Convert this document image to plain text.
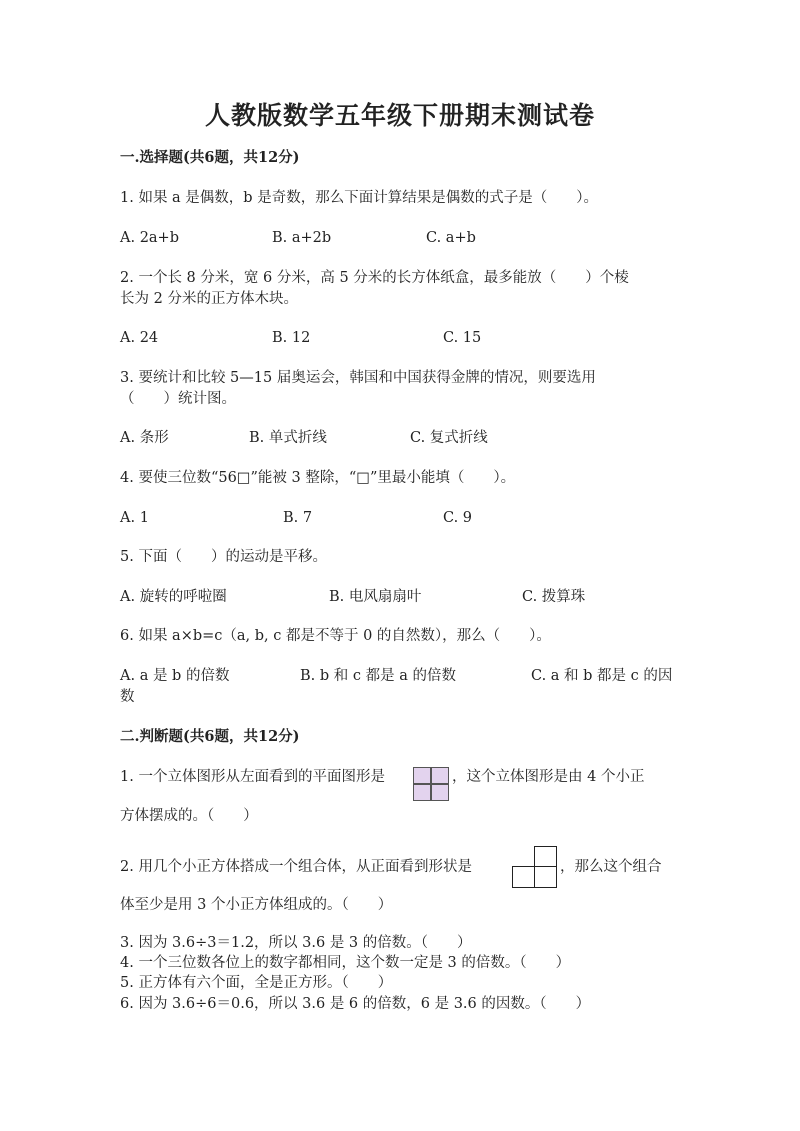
人教版数学五年级下册期末测试卷
一.选择题(共6题，共12分)
1. 如果 a 是偶数，b 是奇数，那么下面计算结果是偶数的式子是（　　）。
A. 2a+b	B. a+2b	C. a+b
2. 一个长 8 分米，宽 6 分米，高 5 分米的长方体纸盒，最多能放（　　）个棱
长为 2 分米的正方体木块。
A. 24	B. 12	C. 15
3. 要统计和比较 5—15 届奥运会，韩国和中国获得金牌的情况，则要选用
（　　）统计图。
A. 条形	B. 单式折线	C. 复式折线
4. 要使三位数“56□”能被 3 整除，“□”里最小能填（　　）。
A. 1	B. 7	C. 9
5. 下面（　　）的运动是平移。
A. 旋转的呼啦圈	B. 电风扇扇叶	C. 拨算珠
6. 如果 a×b=c（a, b, c 都是不等于 0 的自然数），那么（　　）。
A. a 是 b 的倍数	B. b 和 c 都是 a 的倍数	C. a 和 b 都是 c 的因
数
二.判断题(共6题，共12分)
1. 一个立体图形从左面看到的平面图形是	，这个立体图形是由 4 个小正
方体摆成的。（　　）
2. 用几个小正方体搭成一个组合体，从正面看到形状是	，那么这个组合
体至少是用 3 个小正方体组成的。（　　）
3. 因为 3.6÷3＝1.2，所以 3.6 是 3 的倍数。（　　）
4. 一个三位数各位上的数字都相同，这个数一定是 3 的倍数。（　　）
5. 正方体有六个面，全是正方形。（　　）
6. 因为 3.6÷6＝0.6，所以 3.6 是 6 的倍数，6 是 3.6 的因数。（　　）
